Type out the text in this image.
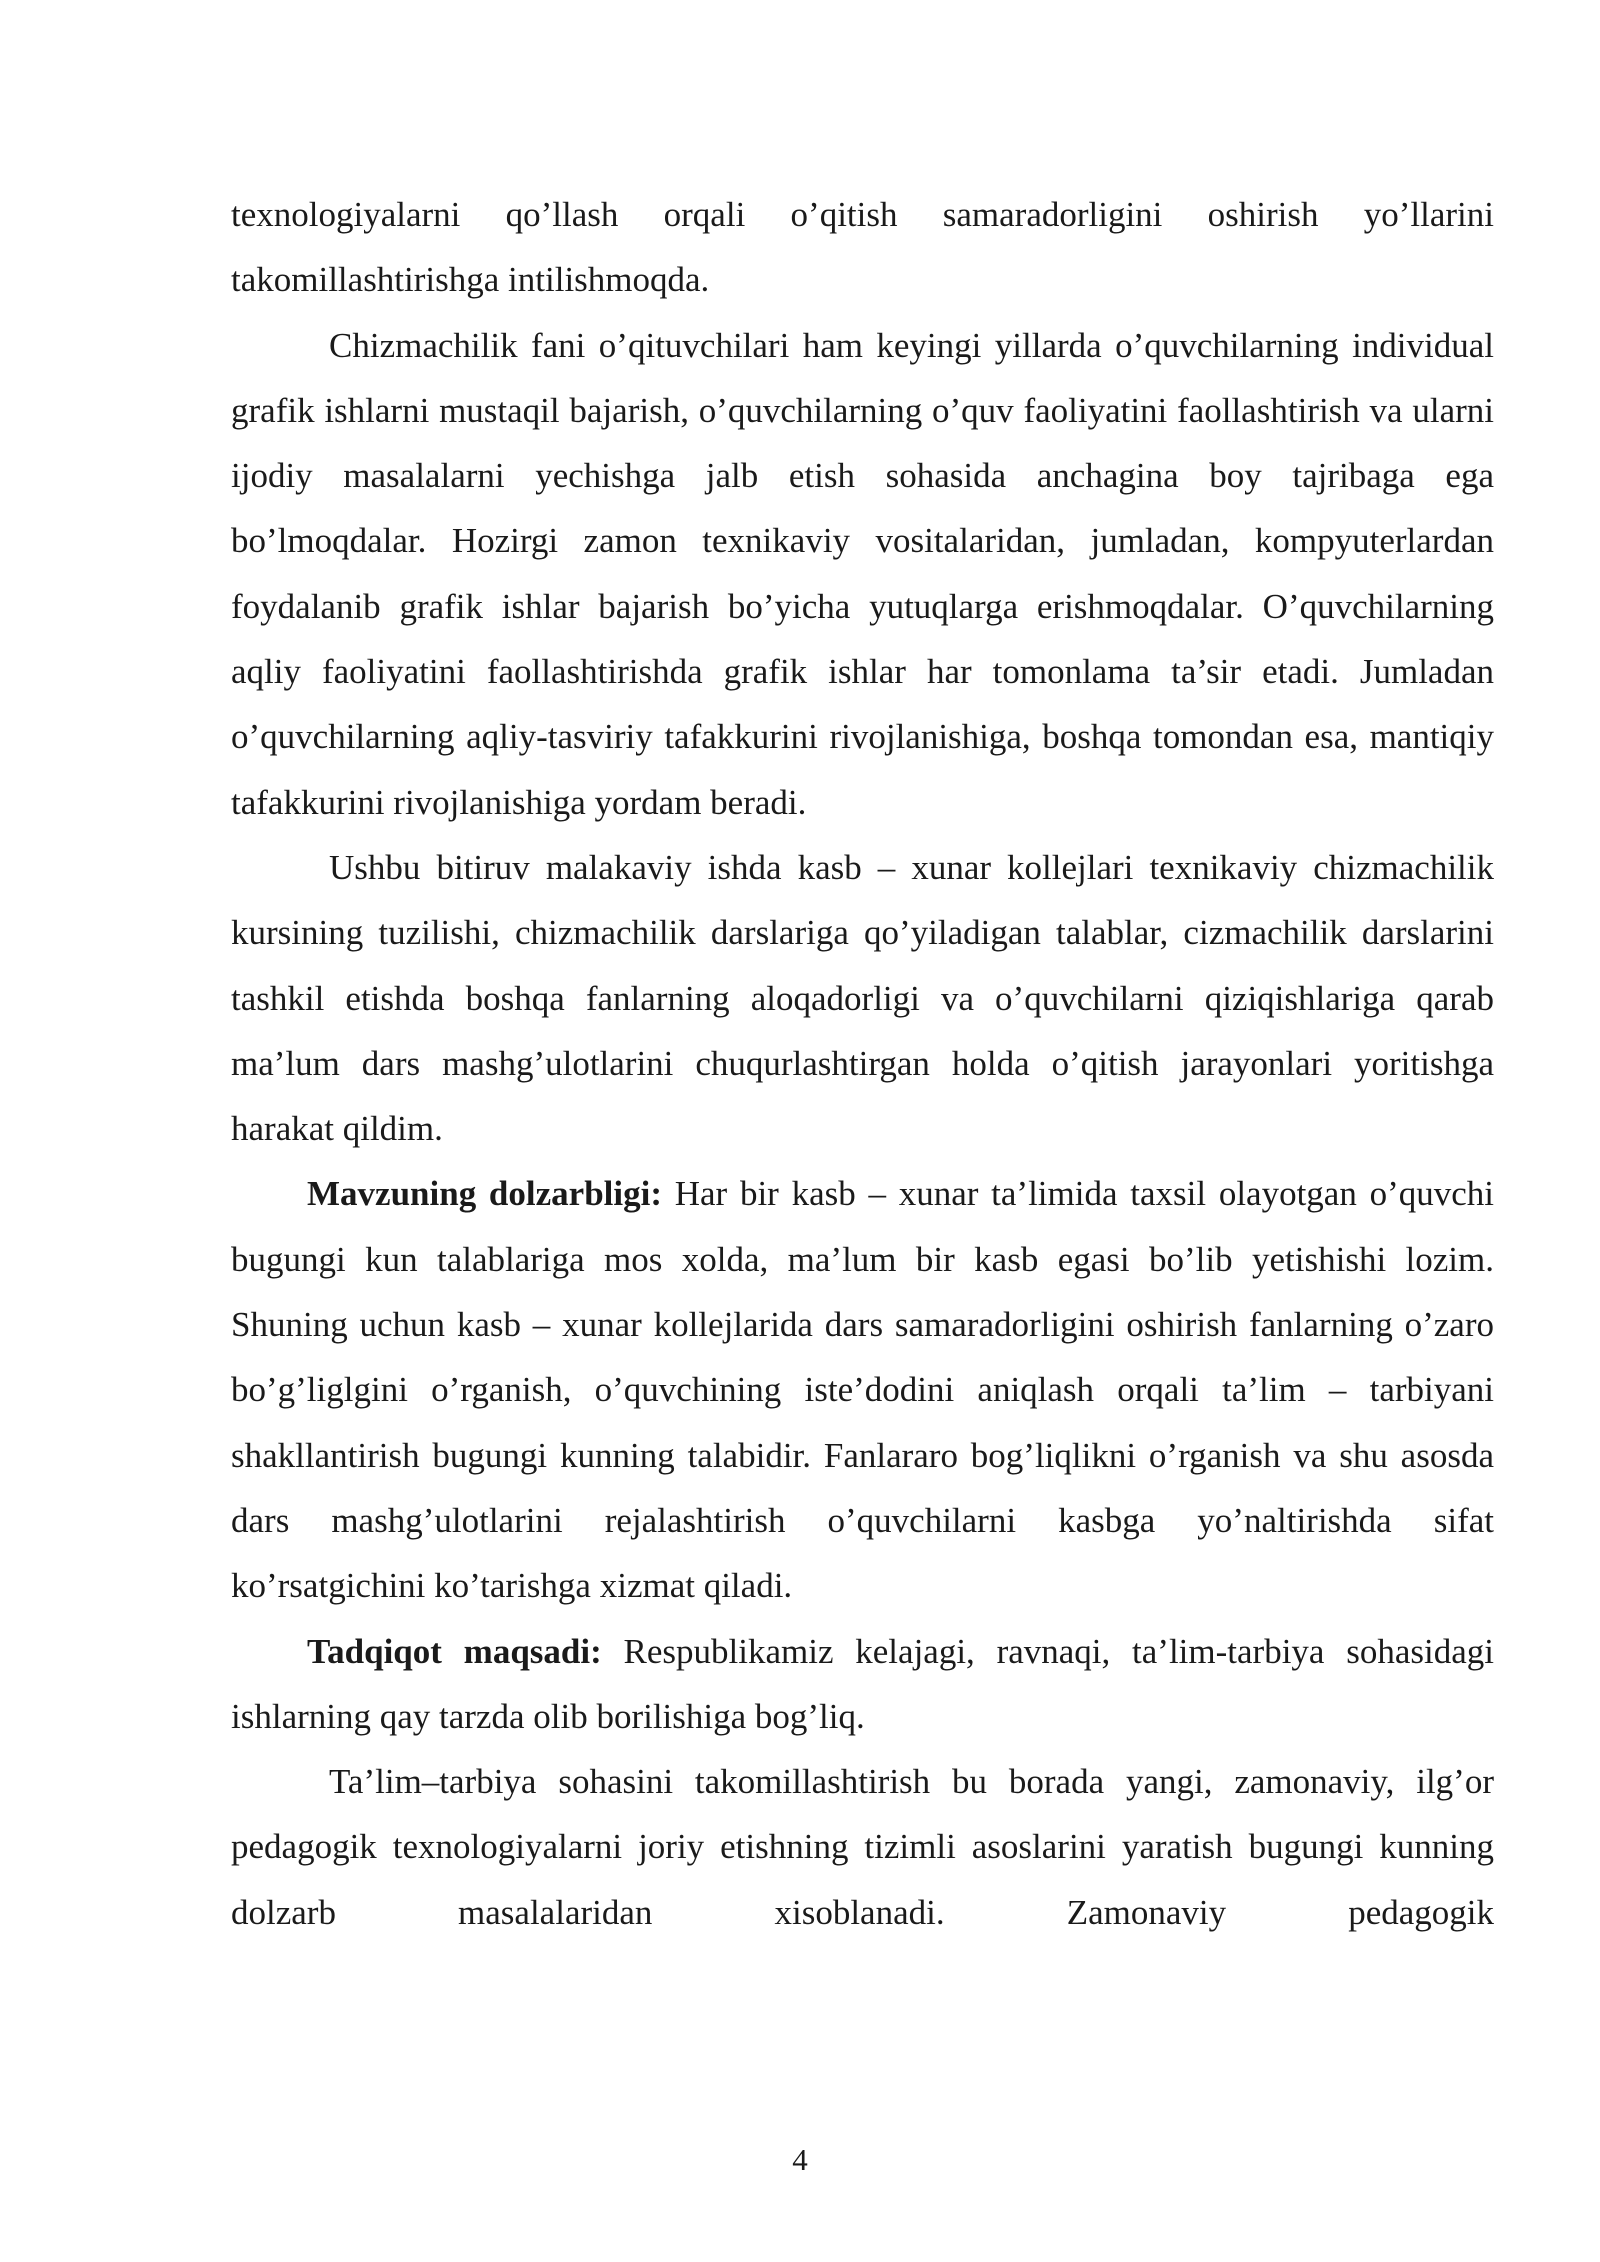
texnologiyalarni qo’llash orqali o’qitish samaradorligini oshirish yo’llarini takomillashtirishga intilishmoqda.

Chizmachilik fani o’qituvchilari ham keyingi yillarda o’quvchilarning individual grafik ishlarni mustaqil bajarish, o’quvchilarning o’quv faoliyatini faollashtirish va ularni ijodiy masalalarni yechishga jalb etish sohasida anchagina boy tajribaga ega bo’lmoqdalar. Hozirgi zamon texnikaviy vositalaridan, jumladan, kompyuterlardan foydalanib grafik ishlar bajarish bo’yicha yutuqlarga erishmoqdalar. O’quvchilarning aqliy faoliyatini faollashtirishda grafik ishlar har tomonlama ta’sir etadi. Jumladan o’quvchilarning aqliy-tasviriy tafakkurini rivojlanishiga, boshqa tomondan esa, mantiqiy tafakkurini rivojlanishiga yordam beradi.

Ushbu bitiruv malakaviy ishda kasb – xunar kollejlari texnikaviy chizmachilik kursining tuzilishi, chizmachilik darslariga qo’yiladigan talablar, cizmachilik darslarini tashkil etishda boshqa fanlarning aloqadorligi va o’quvchilarni qiziqishlariga qarab ma’lum dars mashg’ulotlarini chuqurlashtirgan holda o’qitish jarayonlari yoritishga harakat qildim.

Mavzuning dolzarbligi: Har bir kasb – xunar ta’limida taxsil olayotgan o’quvchi bugungi kun talablariga mos xolda, ma’lum bir kasb egasi bo’lib yetishishi lozim. Shuning uchun kasb – xunar kollejlarida dars samaradorligini oshirish fanlarning o’zaro bo’g’liglgini o’rganish, o’quvchining iste’dodini aniqlash orqali ta’lim – tarbiyani shakllantirish bugungi kunning talabidir. Fanlararo bog’liqlikni o’rganish va shu asosda dars mashg’ulotlarini rejalashtirish o’quvchilarni kasbga yo’naltirishda sifat ko’rsatgichini ko’tarishga xizmat qiladi.

Tadqiqot maqsadi: Respublikamiz kelajagi, ravnaqi, ta’lim-tarbiya sohasidagi ishlarning qay tarzda olib borilishiga bog’liq.

Ta’lim–tarbiya sohasini takomillashtirish bu borada yangi, zamonaviy, ilg’or pedagogik texnologiyalarni joriy etishning tizimli asoslarini yaratish bugungi kunning dolzarb masalalaridan xisoblanadi. Zamonaviy pedagogik

4
